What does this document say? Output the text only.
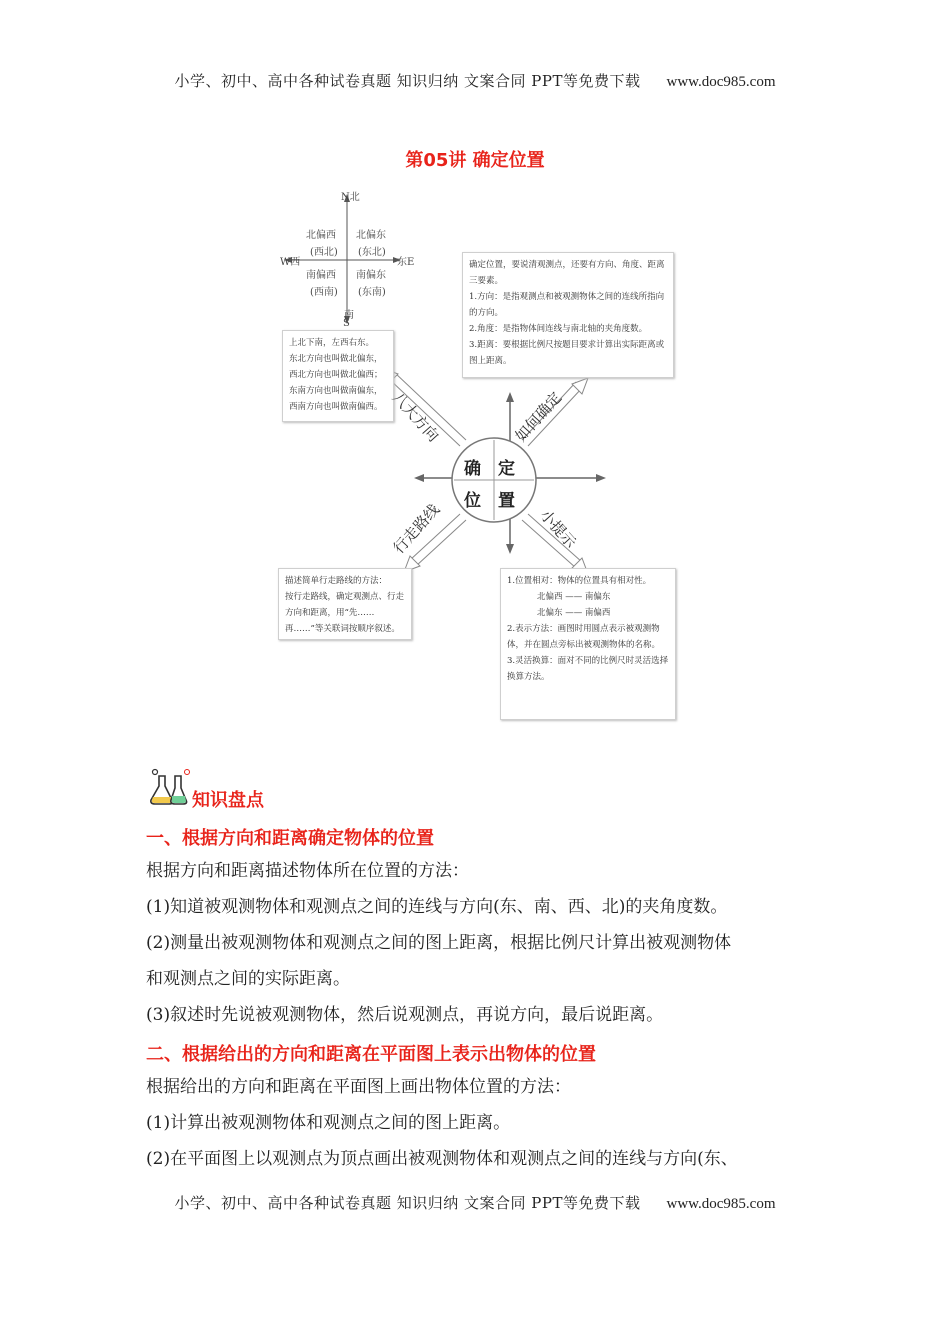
小学、初中、高中各种试卷真题 知识归纳 文案合同 PPT等免费下载 www.doc985.com
第05讲 确定位置
N北
南
S
东E
W西
北偏西
(西北)
北偏东
(东北)
南偏西
(西南)
南偏东
(东南)
上北下南，左西右东。
东北方向也叫做北偏东，
西北方向也叫做北偏西；
东南方向也叫做南偏东，
西南方向也叫做南偏西。
确定位置，要说清观测点，还要有方向、角度、距离三要素。
1.方向：是指观测点和被观测物体之间的连线所指向的方向。
2.角度：是指物体间连线与南北轴的夹角度数。
3.距离：要根据比例尺按题目要求计算出实际距离或图上距离。
确 定
位 置
八大方向	如何确定
行走路线	小提示
描述简单行走路线的方法：
按行走路线，确定观测点、行走方向和距离，用“先……再……”等关联词按顺序叙述。
1.位置相对：物体的位置具有相对性。
北偏西 —— 南偏东
北偏东 —— 南偏西
2.表示方法：画图时用圆点表示被观测物体，并在圆点旁标出被观测物体的名称。
3.灵活换算：面对不同的比例尺时灵活选择换算方法。
知识盘点
一、根据方向和距离确定物体的位置
根据方向和距离描述物体所在位置的方法：
(1)知道被观测物体和观测点之间的连线与方向(东、南、西、北)的夹角度数。
(2)测量出被观测物体和观测点之间的图上距离，根据比例尺计算出被观测物体
和观测点之间的实际距离。
(3)叙述时先说被观测物体，然后说观测点，再说方向，最后说距离。
二、根据给出的方向和距离在平面图上表示出物体的位置
根据给出的方向和距离在平面图上画出物体位置的方法：
(1)计算出被观测物体和观测点之间的图上距离。
(2)在平面图上以观测点为顶点画出被观测物体和观测点之间的连线与方向(东、
小学、初中、高中各种试卷真题 知识归纳 文案合同 PPT等免费下载 www.doc985.com
